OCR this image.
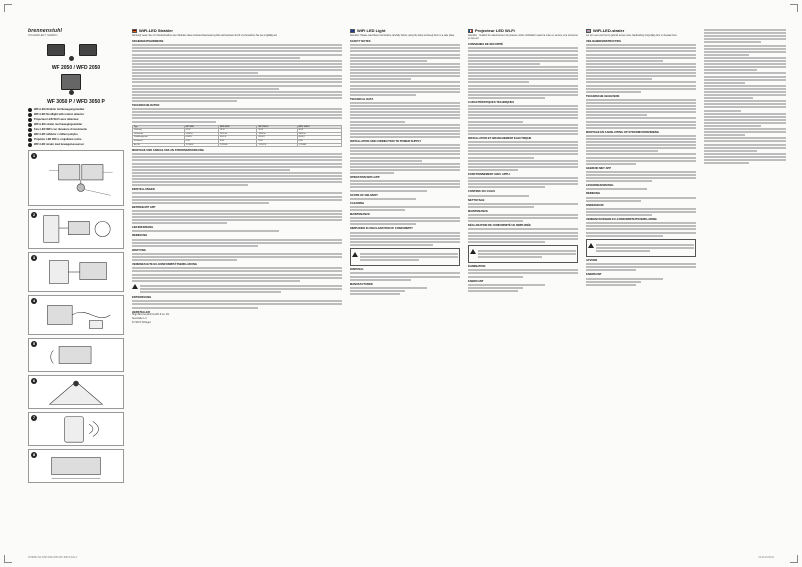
brennenstuhl
SICHERHEIT GEBEN
WF 2050 / WFD 2050
WF 3050 P / WFD 3050 P
WiFi-LED-Strahler mit Bewegungsmelder
WiFi LED floodlight with motion detector
Projecteur LED Wi-Fi avec détecteur
WiFi-LED-straler met bewegingsmelder
Faro LED WiFi con rilevatore di movimento
WiFi LED reflektor s čidlem pohybu
Projektor LED WiFi z czujnikiem ruchu
WiFi LED straler med bevægelsessensor
1
2
3
4
5
6
7
8
WiFi-LED Strahler
Achtung! Lesen Sie vor Inbetriebnahme des Strahlers diese Gebrauchsanweisung bitte aufmerksam durch und bewahren Sie sie sorgfältig auf.
SICHERHEITSHINWEISE
TECHNISCHE DATEN
Typ	WF 2050	WFD 2050	WF 3050 P	WFD 3050 P
Leistung	20 W	20 W	30 W	30 W
Lichtstrom	2200 lm	2200 lm	3300 lm	3300 lm
Farbtemperatur	6500 K	6500 K	6500 K	6500 K
Schutzart	IP44	IP44	IP44	IP44
Art.-Nr.	1179050	1179060	1179070	1179080
MONTAGE UND ANSCHLUSS AN STROMVERSORGUNG
EINSTELLUNGEN
BETRIEB MIT APP
LIEFERUMFANG
REINIGUNG
WARTUNG
VEREINFACHTE EU-KONFORMITÄTSERKLÄRUNG
ENTSORGUNG
HERSTELLER
Hugo Brennenstuhl GmbH & Co. KG
Seestraße 1-3
D-72074 Tübingen
WiFi LED Light
Attention: Please read these instructions carefully before using the lamp and keep them in a safe place.
SAFETY NOTES
TECHNICAL DATA
INSTALLATION AND CONNECTION TO POWER SUPPLY
OPERATION WITH APP
SCOPE OF DELIVERY
CLEANING
MAINTENANCE
SIMPLIFIED EU DECLARATION OF CONFORMITY
DISPOSAL
MANUFACTURER
Projecteur LED Wi-Fi
Attention : Veuillez lire attentivement la présente notice d'utilisation avant la mise en service et la conserver en lieu sûr.
CONSIGNES DE SÉCURITÉ
CARACTÉRISTIQUES TECHNIQUES
INSTALLATION ET BRANCHEMENT ÉLECTRIQUE
FONCTIONNEMENT AVEC APPLI
CONTENU DU COLIS
NETTOYAGE
MAINTENANCE
DÉCLARATION DE CONFORMITÉ UE SIMPLIFIÉE
ÉLIMINATION
FABRICANT
WiFi-LED-straler
Let op: Lees voor het in gebruik nemen deze handleiding zorgvuldig door en bewaar hem.
VEILIGHEIDSINSTRUCTIES
TECHNISCHE GEGEVENS
MONTAGE EN AANSLUITING OP STROOMVOORZIENING
GEBRUIK MET APP
LEVERINGSOMVANG
REINIGING
ONDERHOUD
VEREENVOUDIGDE EU-CONFORMITEITSVERKLARING
AFVOER
FABRIKANT
0709050 WF 2050 WFD 2050 WF 3050 P.indd 1	09.10.19 09:01
